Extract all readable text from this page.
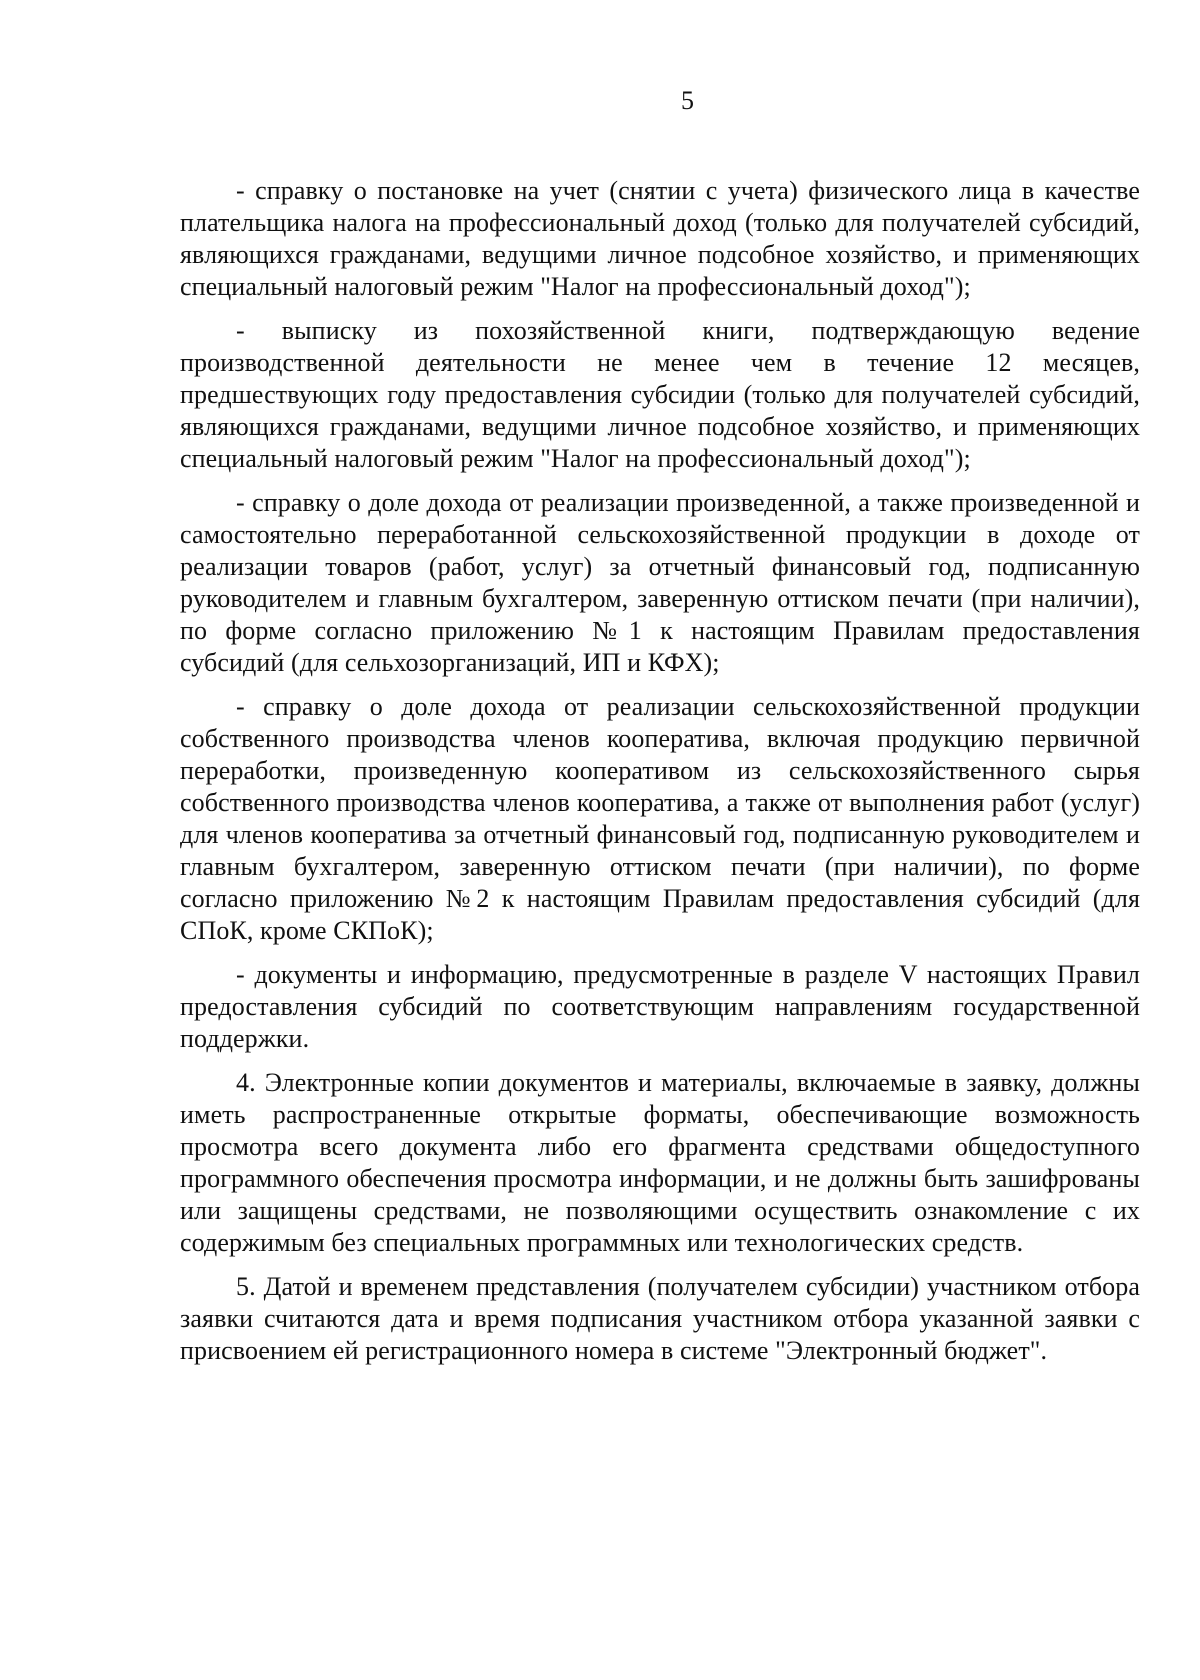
5

- справку о постановке на учет (снятии с учета) физического лица в качестве плательщика налога на профессиональный доход (только для получателей субсидий, являющихся гражданами, ведущими личное подсобное хозяйство, и применяющих специальный налоговый режим "Налог на профессиональный доход");

- выписку из похозяйственной книги, подтверждающую ведение производственной деятельности не менее чем в течение 12 месяцев, предшествующих году предоставления субсидии (только для получателей субсидий, являющихся гражданами, ведущими личное подсобное хозяйство, и применяющих специальный налоговый режим "Налог на профессиональный доход");

- справку о доле дохода от реализации произведенной, а также произведенной и самостоятельно переработанной сельскохозяйственной продукции в доходе от реализации товаров (работ, услуг) за отчетный финансовый год, подписанную руководителем и главным бухгалтером, заверенную оттиском печати (при наличии), по форме согласно приложению №1 к настоящим Правилам предоставления субсидий (для сельхозорганизаций, ИП и КФХ);

- справку о доле дохода от реализации сельскохозяйственной продукции собственного производства членов кооператива, включая продукцию первичной переработки, произведенную кооперативом из сельскохозяйственного сырья собственного производства членов кооператива, а также от выполнения работ (услуг) для членов кооператива за отчетный финансовый год, подписанную руководителем и главным бухгалтером, заверенную оттиском печати (при наличии), по форме согласно приложению №2 к настоящим Правилам предоставления субсидий (для СПоК, кроме СКПоК);

- документы и информацию, предусмотренные в разделе V настоящих Правил предоставления субсидий по соответствующим направлениям государственной поддержки.

4. Электронные копии документов и материалы, включаемые в заявку, должны иметь распространенные открытые форматы, обеспечивающие возможность просмотра всего документа либо его фрагмента средствами общедоступного программного обеспечения просмотра информации, и не должны быть зашифрованы или защищены средствами, не позволяющими осуществить ознакомление с их содержимым без специальных программных или технологических средств.

5. Датой и временем представления (получателем субсидии) участником отбора заявки считаются дата и время подписания участником отбора указанной заявки с присвоением ей регистрационного номера в системе "Электронный бюджет".
